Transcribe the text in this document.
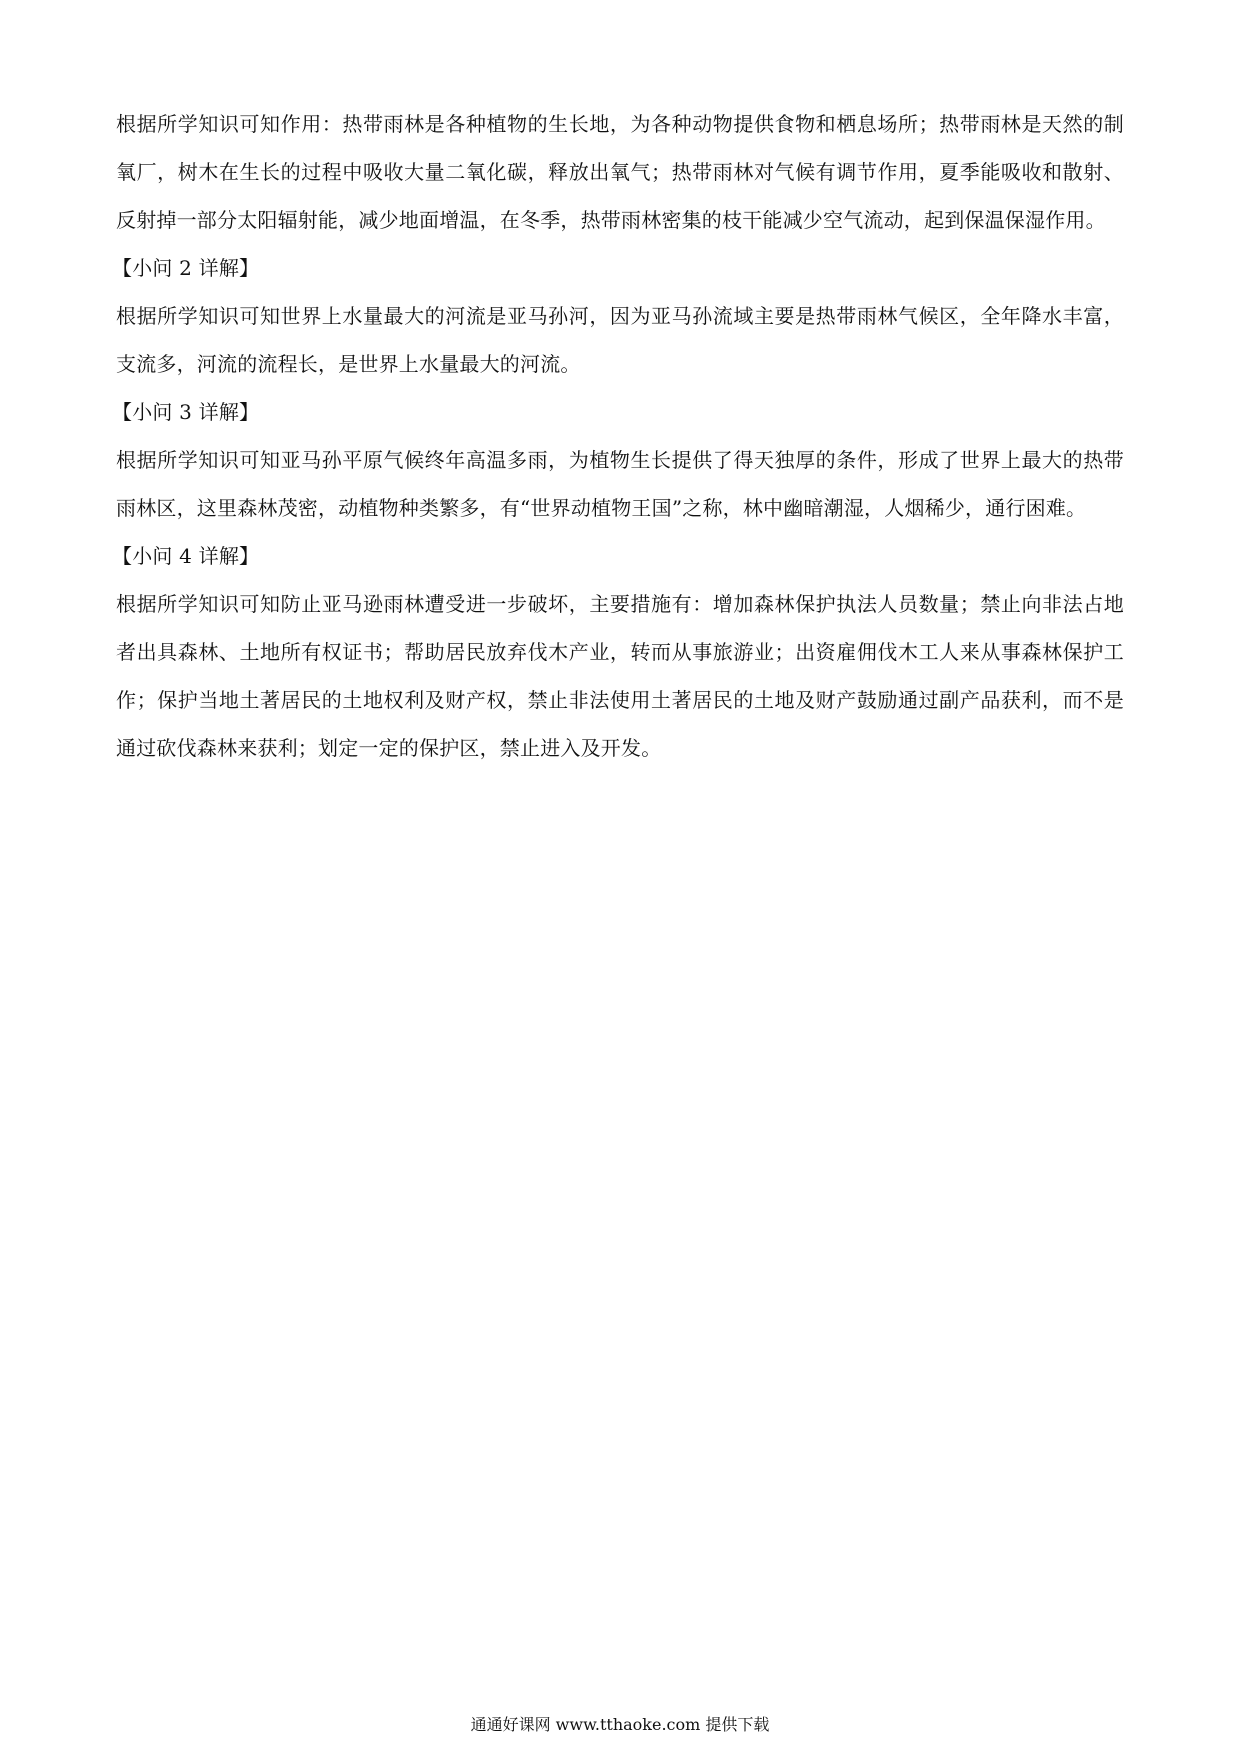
根据所学知识可知作用：热带雨林是各种植物的生长地，为各种动物提供食物和栖息场所；热带雨林是天然的制氧厂，树木在生长的过程中吸收大量二氧化碳，释放出氧气；热带雨林对气候有调节作用，夏季能吸收和散射、反射掉一部分太阳辐射能，减少地面增温，在冬季，热带雨林密集的枝干能减少空气流动，起到保温保湿作用。

【小问 2 详解】

根据所学知识可知世界上水量最大的河流是亚马孙河，因为亚马孙流域主要是热带雨林气候区，全年降水丰富，支流多，河流的流程长，是世界上水量最大的河流。

【小问 3 详解】

根据所学知识可知亚马孙平原气候终年高温多雨，为植物生长提供了得天独厚的条件，形成了世界上最大的热带雨林区，这里森林茂密，动植物种类繁多，有“世界动植物王国”之称，林中幽暗潮湿，人烟稀少，通行困难。

【小问 4 详解】

根据所学知识可知防止亚马逊雨林遭受进一步破坏，主要措施有：增加森林保护执法人员数量；禁止向非法占地者出具森林、土地所有权证书；帮助居民放弃伐木产业，转而从事旅游业；出资雇佣伐木工人来从事森林保护工作；保护当地土著居民的土地权利及财产权，禁止非法使用土著居民的土地及财产鼓励通过副产品获利，而不是通过砍伐森林来获利；划定一定的保护区，禁止进入及开发。

通通好课网 www.tthaoke.com 提供下载
